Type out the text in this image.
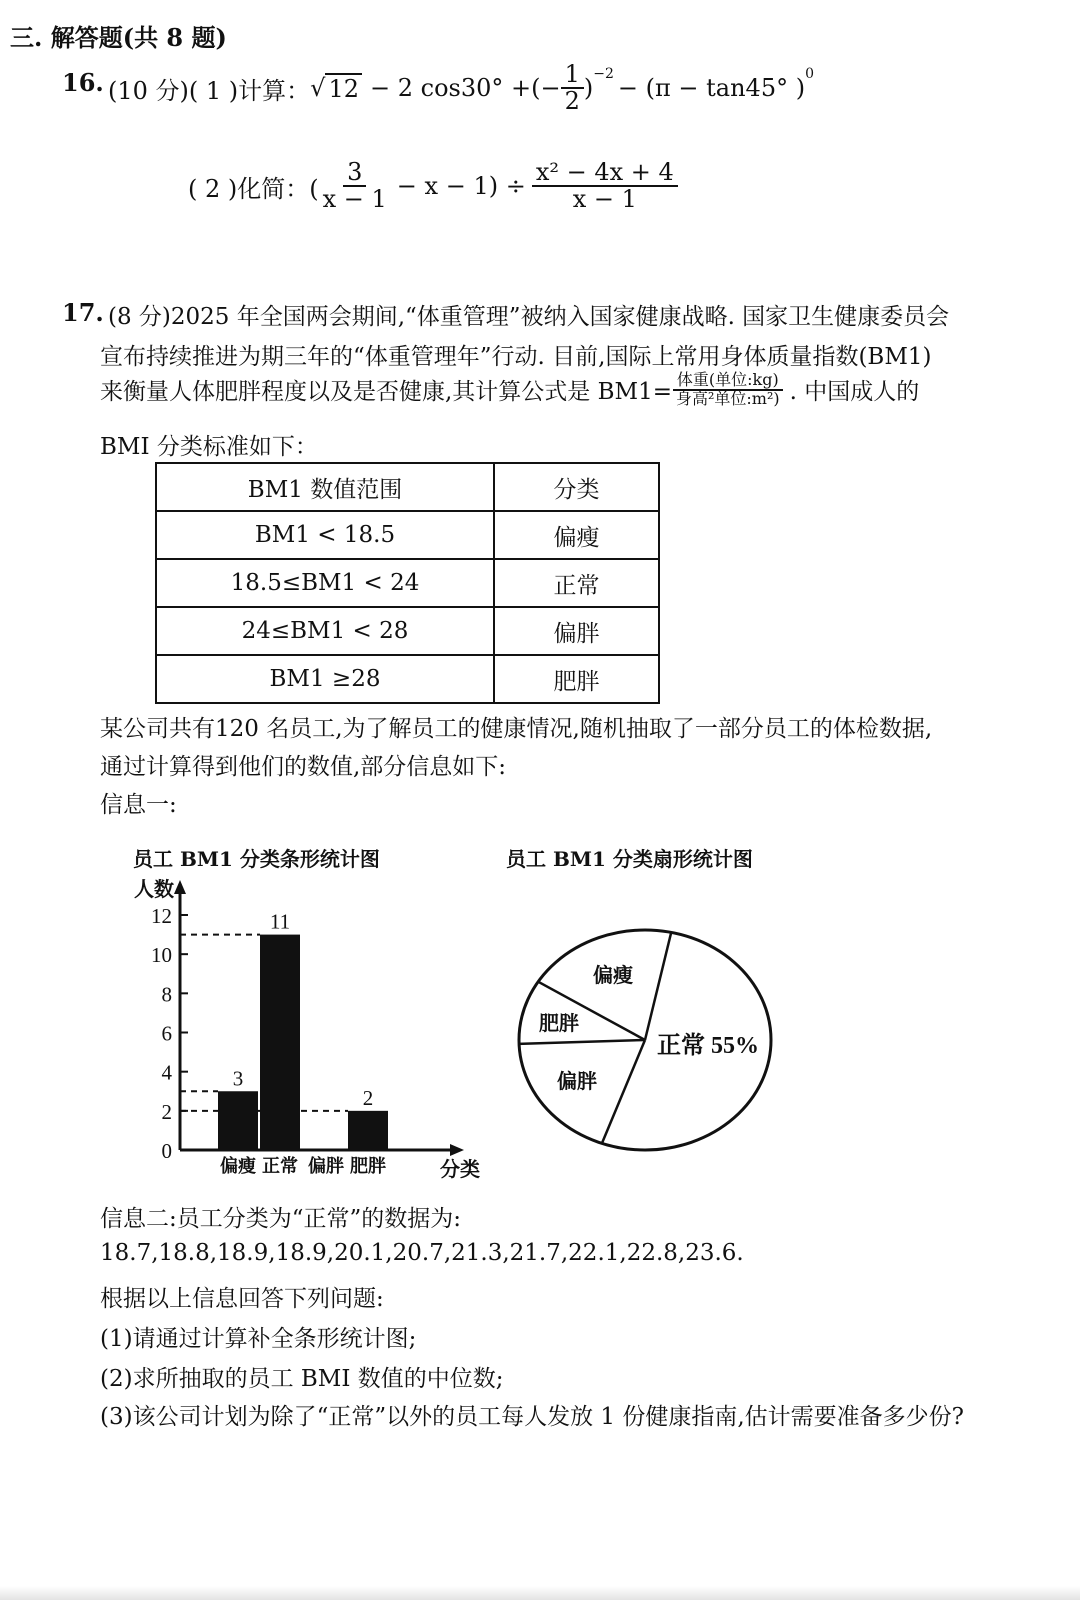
三. 解答题(共 8 题)
16. (10 分) ( 1 )计算： √ 12 − 2 cos30° +(− $\frac{1}{2}$ )
$^{-2}$
− (π − tan45° )
$^0$
( 2 )化简：( $\frac{3}{x - 1} - x - 1) \div \frac{\text{x² − 4x + 4}}{x - 1}$
17. (8 分)2025 年全国两会期间,“体重管理”被纳入国家健康战略. 国家卫生健康委员会
宣布持续推进为期三年的“体重管理年”行动. 目前,国际上常用身体质量指数(BM1)
来衡量人体肥胖程度以及是否健康,其计算公式是 $BM1= \frac{\text{体重(单位:kg)}}{\text{身高²单位:m²)}}$ . 中国成人的
BMI 分类标准如下：
BM1 数值范围	分类
BM1 < 18.5	偏瘦
18.5≤BM1 < 24	正常
24≤BM1 < 28	偏胖
BM1 ≥28	肥胖
某公司共有120 名员工,为了解员工的健康情况,随机抽取了一部分员工的体检数据,
通过计算得到他们的数值,部分信息如下:
信息一:
员工 BM1 分类条形统计图	员工 BM1 分类扇形统计图
人数
分类
0
2
4
6
8
10
12
3
偏瘦
11
正常 偏胖
2
肥胖
偏瘦
肥胖
偏胖
正常 55%
信息二:员工分类为“正常”的数据为:
18.7,18.8,18.9,18.9,20.1,20.7,21.3,21.7,22.1,22.8,23.6.
根据以上信息回答下列问题:
(1)请通过计算补全条形统计图;
(2)求所抽取的员工 BMI 数值的中位数;
(3)该公司计划为除了“正常”以外的员工每人发放 1 份健康指南,估计需要准备多少份?
